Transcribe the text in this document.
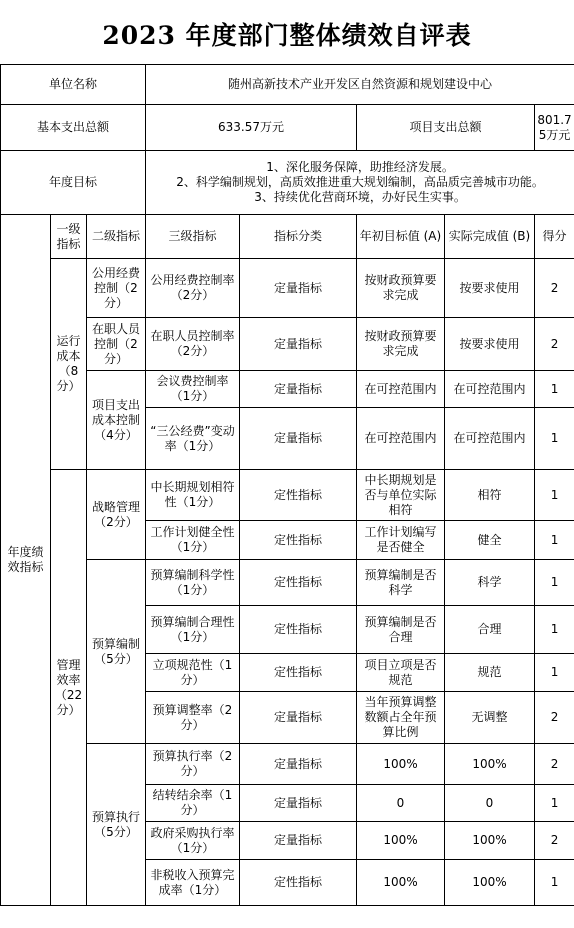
2023 年度部门整体绩效自评表
单位名称			随州高新技术产业开发区自然资源和规划建设中心				
基本支出总额			633.57万元		项目支出总额		801.75万元
年度目标			1、深化服务保障，助推经济发展。
2、科学编制规划，高质效推进重大规划编制，高品质完善城市功能。
3、持续优化营商环境，办好民生实事。				

年度绩效指标	一级指标	二级指标	三级指标	指标分类	年初目标值 (A)	实际完成值 (B)	得分
	运行成本（8分）	公用经费控制（2分）	公用经费控制率（2分）	定量指标	按财政预算要求完成	按要求使用	2
		在职人员控制（2分）	在职人员控制率（2分）	定量指标	按财政预算要求完成	按要求使用	2
		项目支出成本控制（4分）	会议费控制率（1分）	定量指标	在可控范围内	在可控范围内	1
			“三公经费”变动率（1分）	定量指标	在可控范围内	在可控范围内	1
	管理效率（22分）	战略管理（2分）	中长期规划相符性（1分）	定性指标	中长期规划是否与单位实际相符	相符	1
			工作计划健全性（1分）	定性指标	工作计划编写是否健全	健全	1
		预算编制（5分）	预算编制科学性（1分）	定性指标	预算编制是否科学	科学	1
			预算编制合理性（1分）	定性指标	预算编制是否合理	合理	1
			立项规范性（1分）	定性指标	项目立项是否规范	规范	1
			预算调整率（2分）	定量指标	当年预算调整数额占全年预算比例	无调整	2
		预算执行（5分）	预算执行率（2分）	定量指标	100%	100%	2
			结转结余率（1分）	定量指标	0	0	1
			政府采购执行率（1分）	定量指标	100%	100%	2
			非税收入预算完成率（1分）	定性指标	100%	100%	1
